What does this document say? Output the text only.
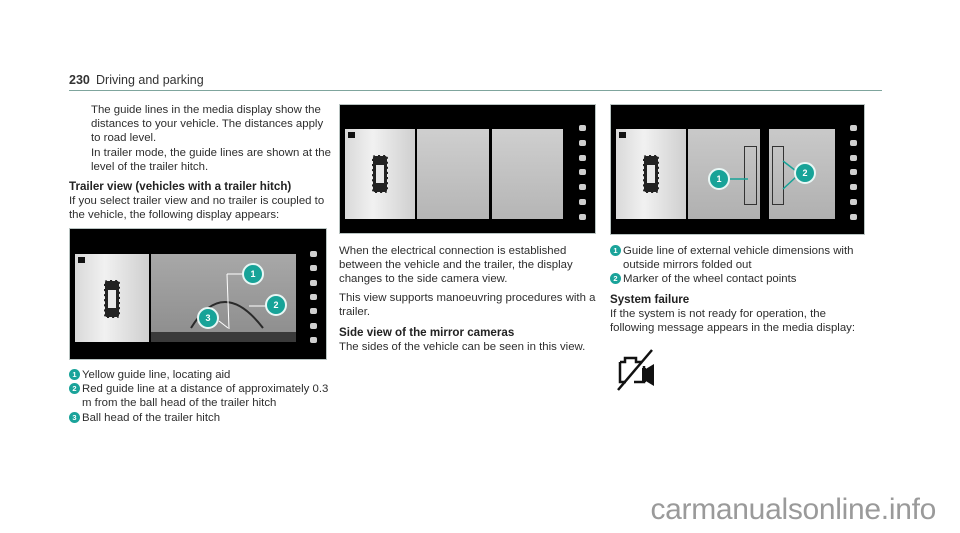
230 Driving and parking

The guide lines in the media display show the distances to your vehicle. The distances apply to road level.

In trailer mode, the guide lines are shown at the level of the trailer hitch.

Trailer view (vehicles with a trailer hitch)

If you select trailer view and no trailer is coupled to the vehicle, the following display appears:

1
2
3
1 Yellow guide line, locating aid
2 Red guide line at a distance of approximately 0.3 m from the ball head of the trailer hitch
3 Ball head of the trailer hitch

When the electrical connection is established between the vehicle and the trailer, the display changes to the side camera view.

This view supports manoeuvring procedures with a trailer.

Side view of the mirror cameras

The sides of the vehicle can be seen in this view.

1
2
1 Guide line of external vehicle dimensions with outside mirrors folded out
2 Marker of the wheel contact points

System failure

If the system is not ready for operation, the following message appears in the media display:

carmanualsonline.info
